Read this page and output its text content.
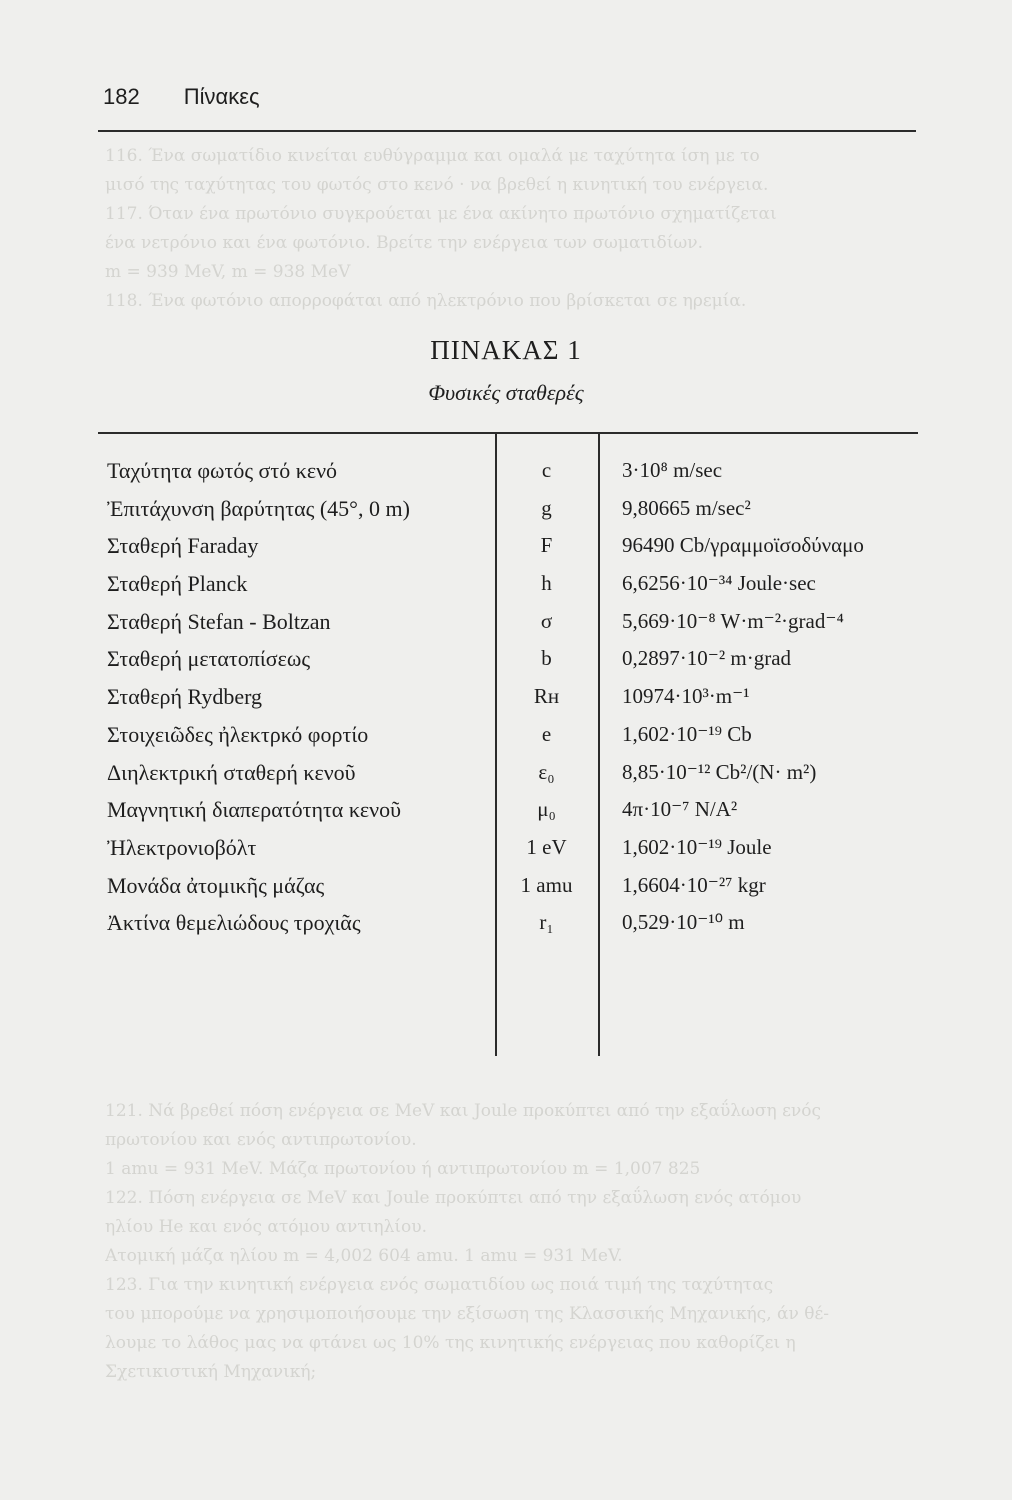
182 Πίνακες
116. Ένα σωματίδιο κινείται ευθύγραμμα και ομαλά με ταχύτητα ίση με το
μισό της ταχύτητας του φωτός στο κενό · να βρεθεί η κινητική του ενέργεια.
117. Όταν ένα πρωτόνιο συγκρούεται με ένα ακίνητο πρωτόνιο σχηματίζεται
ένα νετρόνιο και ένα φωτόνιο. Βρείτε την ενέργεια των σωματιδίων.
m = 939 MeV, m = 938 MeV
118. Ένα φωτόνιο απορροφάται από ηλεκτρόνιο που βρίσκεται σε ηρεμία.
ΠΙΝΑΚΑΣ 1
Φυσικές σταθερές
Ταχύτητα φωτός στό κενό	c	3·10⁸ m/sec
Ἐπιτάχυνση βαρύτητας (45°, 0 m)	g	9,80665 m/sec²
Σταθερή Faraday	F	96490 Cb/γραμμοϊσοδύναμο
Σταθερή Planck	h	6,6256·10⁻³⁴ Joule·sec
Σταθερή Stefan - Boltzan	σ	5,669·10⁻⁸ W·m⁻²·grad⁻⁴
Σταθερή μετατοπίσεως	b	0,2897·10⁻² m·grad
Σταθερή Rydberg	Rн	10974·10³·m⁻¹
Στοιχειῶδες ἠλεκτρκό φορτίο	e	1,602·10⁻¹⁹ Cb
Διηλεκτρική σταθερή κενοῦ	ε₀	8,85·10⁻¹² Cb²/(N· m²)
Μαγνητική διαπερατότητα κενοῦ	μ₀	4π·10⁻⁷ N/A²
Ἠλεκτρονιοβόλτ	1 eV	1,602·10⁻¹⁹ Joule
Μονάδα ἀτομικῆς μάζας	1 amu	1,6604·10⁻²⁷ kgr
Ἀκτίνα θεμελιώδους τροχιᾶς	r₁	0,529·10⁻¹⁰ m
121. Νά βρεθεί πόση ενέργεια σε MeV και Joule προκύπτει από την εξαΰλωση ενός
πρωτονίου και ενός αντιπρωτονίου.
1 amu = 931 MeV. Μάζα πρωτονίου ή αντιπρωτονίου m = 1,007 825
122. Πόση ενέργεια σε MeV και Joule προκύπτει από την εξαΰλωση ενός ατόμου
ηλίου He και ενός ατόμου αντιηλίου.
Ατομική μάζα ηλίου m = 4,002 604 amu. 1 amu = 931 MeV.
123. Για την κινητική ενέργεια ενός σωματιδίου ως ποιά τιμή της ταχύτητας
του μπορούμε να χρησιμοποιήσουμε την εξίσωση της Κλασσικής Μηχανικής, άν θέ-
λουμε το λάθος μας να φτάνει ως 10% της κινητικής ενέργειας που καθορίζει η
Σχετικιστική Μηχανική;
